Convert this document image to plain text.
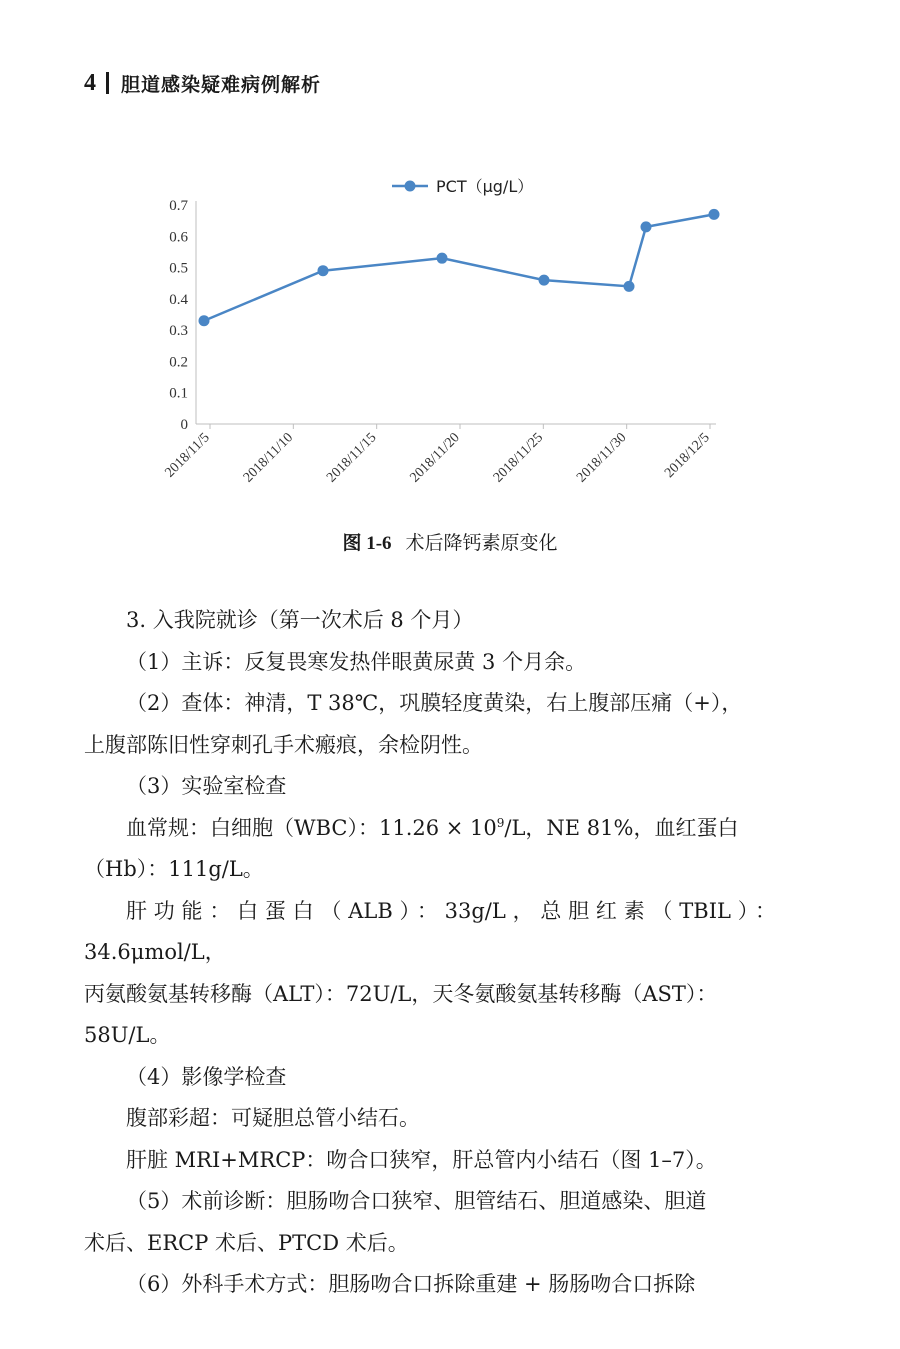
4 胆道感染疑难病例解析
PCT（μg/L）
0
0.1
0.2
0.3
0.4
0.5
0.6
0.7
2018/11/5 2018/11/10 2018/11/15 2018/11/20 2018/11/25 2018/11/30 2018/12/5
图 1-6 术后降钙素原变化

3. 入我院就诊（第一次术后 8 个月）

（1）主诉：反复畏寒发热伴眼黄尿黄 3 个月余。

（2）查体：神清，T 38℃，巩膜轻度黄染，右上腹部压痛（+），

上腹部陈旧性穿刺孔手术瘢痕，余检阴性。

（3）实验室检查

血常规：白细胞（WBC）：$11.26 \times 10^9/L$，NE 81%，血红蛋白

（Hb）：111g/L。

肝功能：白蛋白（ALB）：33g/L，总胆红素（TBIL）：34.6μmol/L，

丙氨酸氨基转移酶（ALT）：72U/L，天冬氨酸氨基转移酶（AST）：

58U/L。

（4）影像学检查

腹部彩超：可疑胆总管小结石。

肝脏 MRI+MRCP：吻合口狭窄，肝总管内小结石（图 1–7）。

（5）术前诊断：胆肠吻合口狭窄、胆管结石、胆道感染、胆道

术后、ERCP 术后、PTCD 术后。

（6）外科手术方式：胆肠吻合口拆除重建 + 肠肠吻合口拆除
